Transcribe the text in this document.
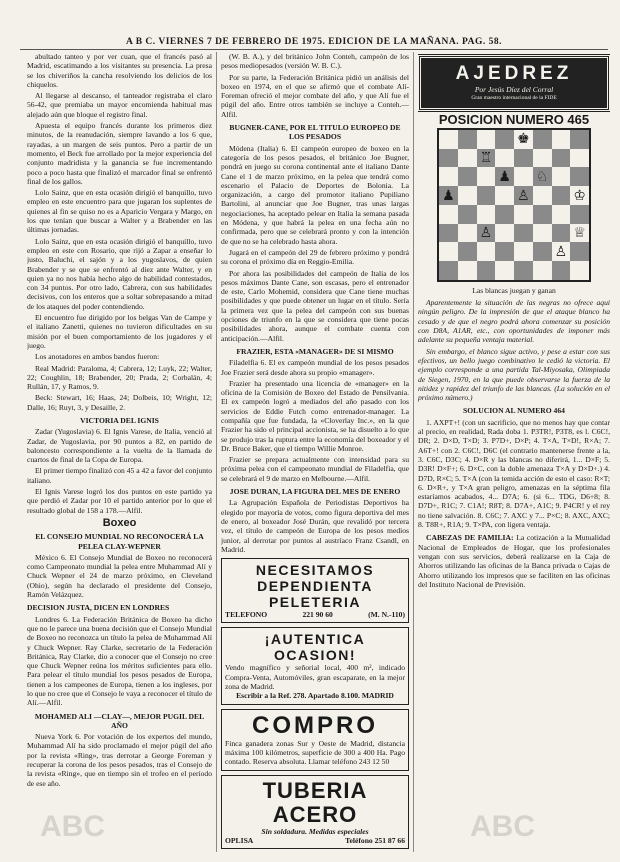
A B C. VIERNES 7 DE FEBRERO DE 1975. EDICION DE LA MAÑANA. PAG. 58.

abultado tanteo y por ver cuan, que el francés pasó al Madrid, escatimando a los visitantes su presencia. La presa se los chiveriños la cancha resolviendo los delicios de los chiquelos.

Al llegarse al descanso, el tanteador registraba el claro 56-42, que premiaba un mayor encomienda habitual mas alejado aún que bloque el registro final.

Apuesta el equipo francés durante los primeros diez minutos, de la reanudación, siempre lavando a los 6 que, rayadas, a un margen de seis puntos. Pero a partir de un momento, el Beck fue arrollado por la mejor experiencia del conjunto madridista y la ganancia se fue incrementando poco a poco hasta que finalizó el marcador final se enfrentó final de los gallos.

Lolo Sainz, que en esta ocasión dirigió el banquillo, tuvo empleo en este encuentro para que jugaran los suplentes de quienes al fin se quiso no es a Aparicio Vergara y Margo, en los que tenían que buscar a Walter y a Brabender en las últimas jornadas.

Lolo Sainz, que en esta ocasión dirigió el banquillo, tuvo empleo en este con Rosario, que rijó a Zapar a enseñar lo justo, Baluchi, el sajón y a los yugoslavos, de quien Brabender y se que se enfrentó al diez ante Walter, y en quien ya no nos había hecho algo de habilidad contestados, con 34 puntos. Por otro lado, Cabrera, con sus habilidades decisivos, con los enteros que a soltar sobrepasando a mitad de los ataques del poder contendiendo.

El encuentro fue dirigido por los belgas Van de Campe y el italiano Zanetti, quienes no tuvieron dificultades en su misión por el buen comportamiento de los jugadores y el juego.

Los anotadores en ambos bandos fueron:

Real Madrid: Paraloma, 4; Cabrera, 12; Luyk, 22; Walter, 22; Coughlin, 18; Brabender, 20; Prada, 2; Corbalán, 4; Rullán, 17, y Ramos, 9.

Beck: Stewart, 16; Haas, 24; Dolbeis, 10; Wright, 12; Dalle, 16; Ruyt, 3, y Desaille, 2.

VICTORIA DEL IGNIS

Zadar (Yugoslavia) 6. El Ignis Varese, de Italia, venció al Zadar, de Yugoslavia, por 90 puntos a 82, en partido de baloncesto correspondiente a la vuelta de la llamada de cuartos de final de la Copa de Europa.

El primer tiempo finalizó con 45 a 42 a favor del conjunto italiano.

El Ignis Varese logró los dos puntos en este partido ya que perdió el Zadar por 10 el partido anterior por lo que el resultado global de 158 a 178.—Alfil.

Boxeo
EL CONSEJO MUNDIAL NO RECONOCERÁ LA PELEA CLAY-WEPNER

México 6. El Consejo Mundial de Boxeo no reconocerá como Campeonato mundial la pelea entre Muhammad Alí y Chuck Wepner el 24 de marzo próximo, en Cleveland (Ohio), según ha declarado el presidente del Consejo, Ramón Velázquez.

DECISION JUSTA, DICEN EN LONDRES

Londres 6. La Federación Británica de Boxeo ha dicho que no le parece una buena decisión que el Consejo Mundial de Boxeo no reconozca un título la pelea de Muhammad Alí y Chuck Wepner. Ray Clarke, secretario de la Federación Británica, Ray Clarke, dio a conocer que el Consejo no cree que Chuck Wepner reúna los méritos suficientes para ello. Para pelear el título mundial los pesos pesados de Europa, tienen a los campeones de Europa, tienen a los ingleses, por lo que no cree que el Consejo le vaya a reconocer el título de Alí.—Alfil.

MOHAMED ALI —CLAY—, MEJOR PUGIL DEL AÑO

Nueva York 6. Por votación de los expertos del mundo, Muhammad Alí ha sido proclamado el mejor púgil del año por la revista «Ring», tras derrotar a George Foreman y recuperar la corona de los pesos pesados, tras el Consejo de la revista «Ring», que en tiempo sin el trofeo en el período de ese año.

(W. B. A.), y del británico John Conteh, campeón de los pesos mediopesados (versión W. B. C.).

Por su parte, la Federación Británica pidió un análisis del boxeo en 1974, en el que se afirmó que el combate Alí-Foreman ofreció el mejor combate del año, y que Alí fue el púgil del año. Entre otros también se incluye a Conteh.—Alfil.

BUGNER-CANE, POR EL TITULO EUROPEO DE LOS PESADOS

Módena (Italia) 6. El campeón europeo de boxeo en la categoría de los pesos pesados, el británico Joe Bugner, pondrá en juego su corona continental ante el italiano Dante Cane el 1 de marzo próximo, en la pelea que tendrá como escenario el Palacio de Deportes de Bolonia. La organización, a cargo del promotor italiano Pupiliano Bartolini, al anunciar que Joe Bugner, tras unas largas negociaciones, ha aceptado pelear en Italia la semana pasada en Módena, y que habrá la pelea en una fecha aún no confirmada, pero que se celebrará pronto y con la intención de que no se ha celebrado hasta ahora.

Jugará en el campeón del 29 de febrero próximo y pondrá su corona el próximo día en Reggio-Emilia.

Por ahora las posibilidades del campeón de Italia de los pesos máximos Dante Cane, son escasas, pero el entrenador de este, Carlo Mohemid, considera que Cane tiene muchas posibilidades y que puede obtener un lugar en el título. Sería la primera vez que la pelea del campeón con sus buenas opciones de triunfo en la que se considera que tiene pocas posibilidades ahora, aunque el combate cuenta con anticipación.—Alfil.

FRAZIER, ESTA «MANAGER» DE SI MISMO

Filadelfia 6. El ex campeón mundial de los pesos pesados Joe Frazier será desde ahora su propio «manager».

Frazier ha presentado una licencia de «manager» en la oficina de la Comisión de Boxeo del Estado de Pensilvania. El ex campeón logró a mediados del año pasado con los servicios de Eddie Futch como entrenador-manager. La compañía que fue fundada, la «Cloverlay Inc.», en la que Frazier ha sido el principal accionista, se ha disuelto a lo que se produjo tras la ruptura entre la economía del boxeador y el Dr. Bruce Baker, que el tiempo Willie Monroe.

Frazier se prepara actualmente con intensidad para su próxima pelea con el campeonato mundial de Filadelfia, que se celebrará el 9 de marzo en Melbourne.—Alfil.

JOSE DURAN, LA FIGURA DEL MES DE ENERO

La Agrupación Española de Periodistas Deportivos ha elegido por mayoría de votos, como figura deportiva del mes de enero, al boxeador José Durán, que revalidó por tercera vez, el título de campeón de Europa de los pesos medios junior, al derrotar por puntos al austríaco Franz Csandl, en Madrid.

NECESITAMOS
DEPENDIENTA PELETERIA
TELEFONO	221 90 60	(M. N.-110)
¡AUTENTICA OCASION!
Vendo magnífico y señorial local, 400 m², indicado Compra-Venta, Automóviles, gran escaparate, en la mejor zona de Madrid.
Escribir a la Ref. 278. Apartado 8.100. MADRID
COMPRO
Finca ganadera zonas Sur y Oeste de Madrid, distancia máxima 100 kilómetros, superficie de 300 a 400 Ha. Pago contado. Reserva absoluta. Llamar teléfono 243 12 50
TUBERIA ACERO
Sin soldadura. Medidas especiales
OPLISA	Teléfono 251 87 66
AJEDREZ
Por Jesús Díez del Corral
Gran maestro internacional de la FIDE
POSICION NUMERO 465
♚
♖
♟ ♘
♟	♙	♔
♙	♕
♙
Las blancas juegan y ganan

Aparentemente la situación de las negras no ofrece aquí ningún peligro. De la impresión de que el ataque blanco ha cesado y de que el negro podrá ahora comenzar su posición con D8A, A1AR, etc., con oportunidades de imponer más adelante su pequeña ventaja material.

Sin embargo, el blanco sigue activo, y pese a estar con sus efectivos, un bello juego combinativo le cedió la victoria. El ejemplo corresponde a una partida Tal-Miyosaka, Olimpiada de Siegen, 1970, en la que puede observarse la fuerza de la nitidez y rapidez del triunfo de las blancas. (La solución en el próximo número.)

SOLUCION AL NUMERO 464

1. AXPT+! (con un sacrificio, que no menos hay que contar al precio, en realidad, Rada doba 1. P3TR!, P3T8, es l. C6C!, DR; 2. D×D, T×D; 3. P7D+, D×P; 4. T×A, T×D!, R×A; 7. A6T+! con 2. C6C!, D6C (el contrario mantenerse frente a la, 3. C6C, D3C; 4. D×R y las blancas no diferirá, 1... D×F; 5. D3R! D×F+; 6. D×C, con la doble amenaza T×A y D×D+.) 4. D7D, R×C; 5. T×A (con la temida acción de esto el caso: R×T; 6. D×R+, y T×A gran peligro, amenazas en la séptima fila estaríamos acabados, 4... D7A; 6. (si 6... TDG, D6+8; 8. D7D+, R1C; 7. C1A!; R8T; 8. D7A+, A1C; 9. P4CR! y el rey no tiene salvación. 8. C6C; 7. AXC y 7... P×C; 8. AXC, AXC; 8. T8R+, R1A; 9. T×PA, con ligera ventaja.

CABEZAS DE FAMILIA: La cotización a la Mutualidad Nacional de Empleados de Hogar, que los profesionales vengan con sus servicios, deberá realizarse en la Caja de Ahorros utilizando las oficinas de la Banca privada o Cajas de Ahorro utilizando los impresos que se faciliten en las oficinas del Instituto Nacional de Previsión.

ABC	ABC
